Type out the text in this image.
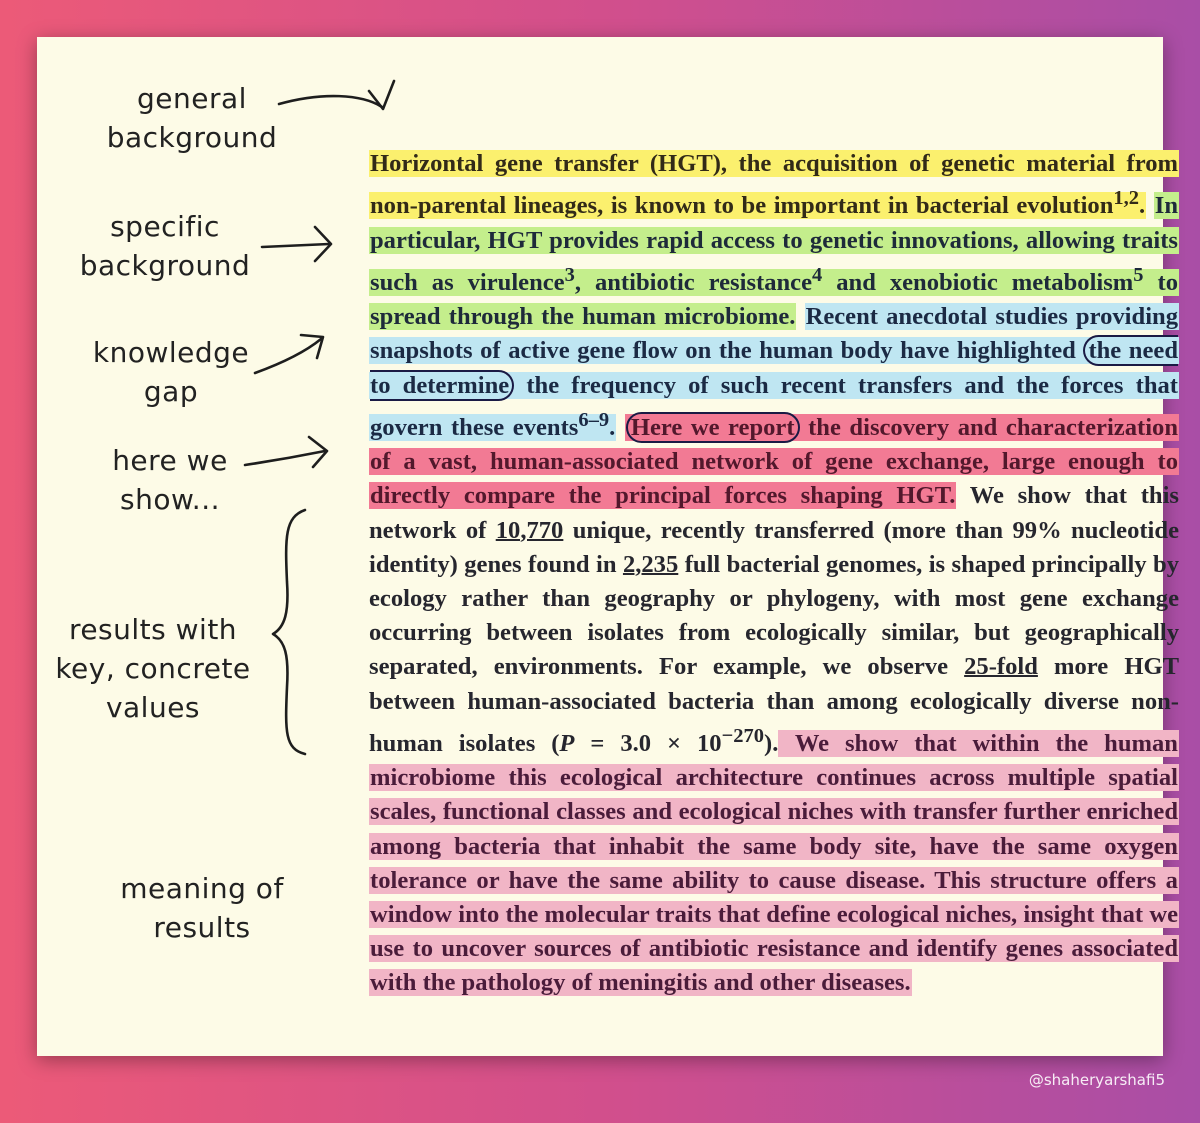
general
background
specific
background
knowledge
gap
here we
show...
results with
key, concrete
values
meaning of
results

Horizontal gene transfer (HGT), the acquisition of genetic material from non-parental lineages, is known to be important in bacterial evolution$^{1,2}$. In particular, HGT provides rapid access to genetic innovations, allowing traits such as virulence$^3$, antibiotic resistance$^4$ and xenobiotic metabolism$^5$ to spread through the human microbiome. Recent anecdotal studies providing snapshots of active gene flow on the human body have highlighted the need to determine the frequency of such recent transfers and the forces that govern these events$^{6-9}$. Here we report the discovery and characterization of a vast, human-associated network of gene exchange, large enough to directly compare the principal forces shaping HGT. We show that this network of 10,770 unique, recently transferred (more than 99% nucleotide identity) genes found in 2,235 full bacterial genomes, is shaped principally by ecology rather than geography or phylogeny, with most gene exchange occurring between isolates from ecologically similar, but geographically separated, environments. For example, we observe 25-fold more HGT between human-associated bacteria than among ecologically diverse non-human isolates $(P = 3.0 \times 10^{-270})$. We show that within the human microbiome this ecological architecture continues across multiple spatial scales, functional classes and ecological niches with transfer further enriched among bacteria that inhabit the same body site, have the same oxygen tolerance or have the same ability to cause disease. This structure offers a window into the molecular traits that define ecological niches, insight that we use to uncover sources of antibiotic resistance and identify genes associated with the pathology of meningitis and other diseases.

@shaheryarshafi5
